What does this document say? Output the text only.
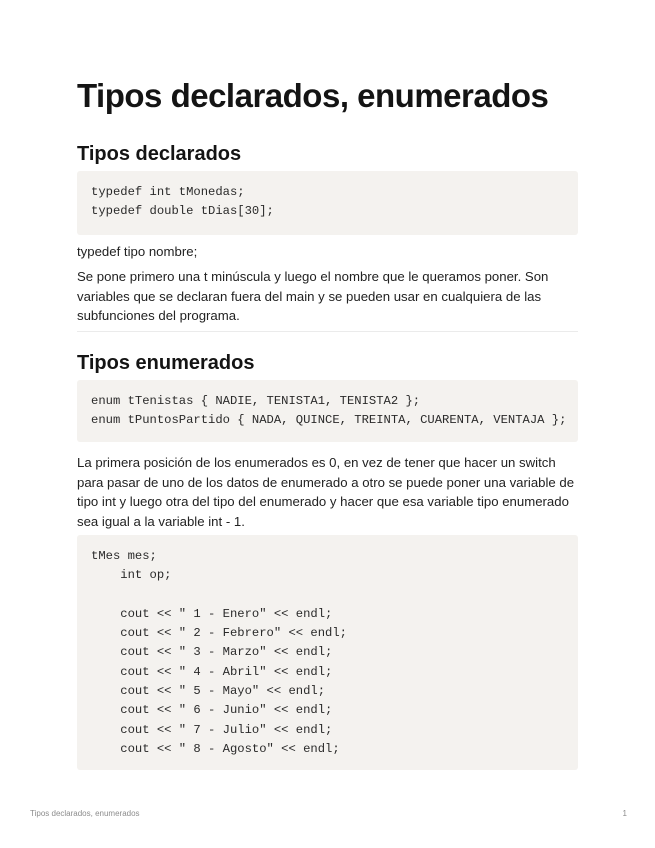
Tipos declarados, enumerados
Tipos declarados
typedef int tMonedas;
typedef double tDias[30];

typedef tipo nombre;

Se pone primero una t minúscula y luego el nombre que le queramos poner. Son variables que se declaran fuera del main y se pueden usar en cualquiera de las subfunciones del programa.

Tipos enumerados
enum tTenistas { NADIE, TENISTA1, TENISTA2 };
enum tPuntosPartido { NADA, QUINCE, TREINTA, CUARENTA, VENTAJA };

La primera posición de los enumerados es 0, en vez de tener que hacer un switch para pasar de uno de los datos de enumerado a otro se puede poner una variable de tipo int y luego otra del tipo del enumerado y hacer que esa variable tipo enumerado sea igual a la variable int - 1.

tMes mes;
int op;
cout << " 1 - Enero" << endl;
cout << " 2 - Febrero" << endl;
cout << " 3 - Marzo" << endl;
cout << " 4 - Abril" << endl;
cout << " 5 - Mayo" << endl;
cout << " 6 - Junio" << endl;
cout << " 7 - Julio" << endl;
cout << " 8 - Agosto" << endl;
Tipos declarados, enumerados	1
